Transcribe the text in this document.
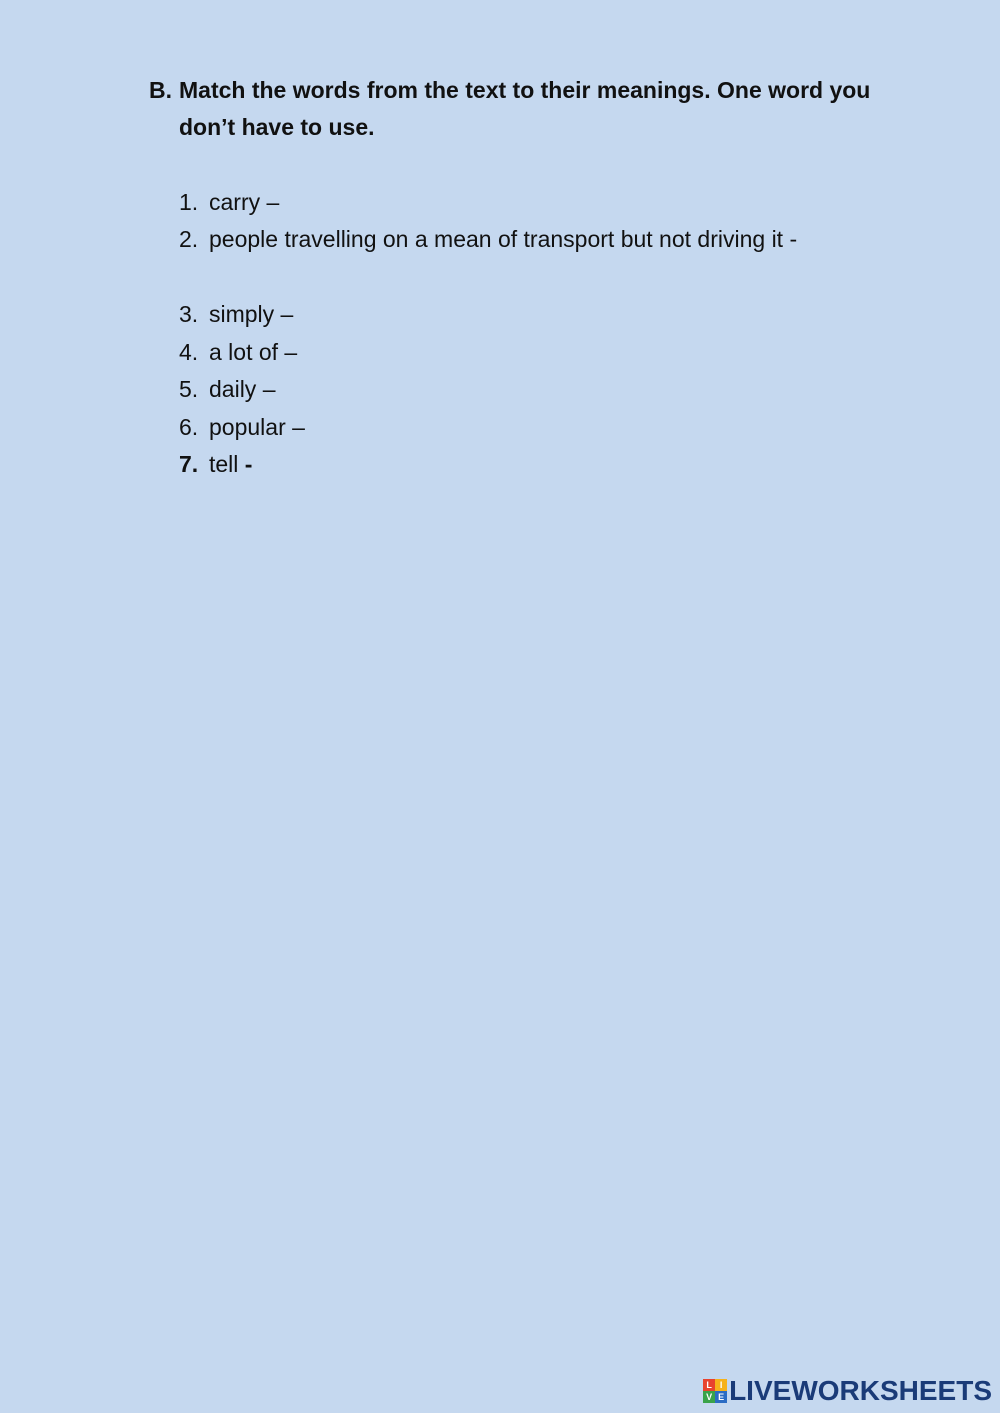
B. Match the words from the text to their meanings. One word you don’t have to use.
1. carry –
2. people travelling on a mean of transport but not driving it -
3. simply –
4. a lot of –
5. daily –
6. popular –
7. tell -
L I
V E LIVEWORKSHEETS
